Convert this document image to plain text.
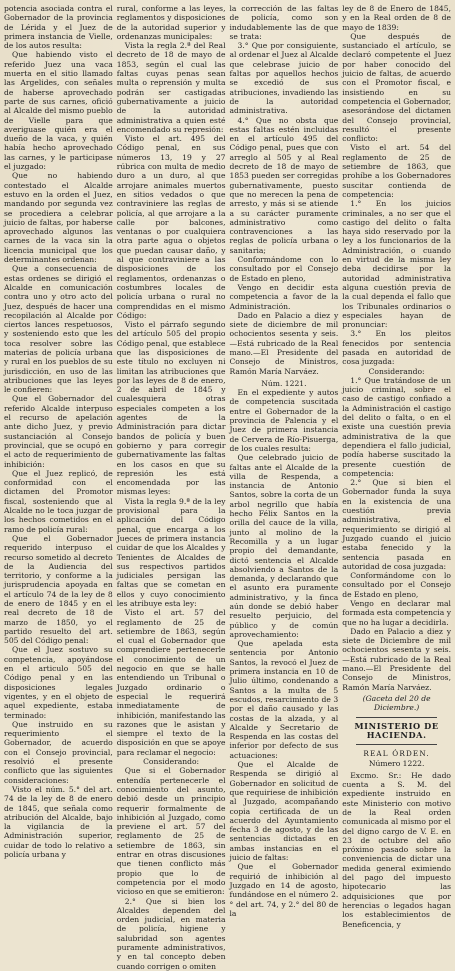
potencia asociada contra el Gobernador de la provincia de Lérida y el Juez de primera instancia de Vielle, de los autos resulta:

Que habiendo visto el referido Juez una vaca muerta en el sitio llamado las Argelides, con señales de haberse aprovechado parte de sus carnes, ofició al Alcalde del mismo pueblo de Vielle para que averiguase quién era el dueño de la vaca, y quién había hecho aprovechado las carnes, y le participase el juzgado:

Que no habiendo contestado el Alcalde estuvo en la orden el Juez, mandando por segunda vez se procediera a celebrar juicio de faltas, por haberse aprovechado algunos las carnes de la vaca sin la licencia municipal que los determinantes ordenan:

Que a consecuencia de estas ordenes se dirigió el Alcalde en comunicación contra uno y otro acto del Juez, después de hacer una recopilación al Alcalde por ciertos lances respetuosos, y sosteniendo esto que les toca resolver sobre las materias de policía urbana y rural en los pueblos de su jurisdicción, en uso de las atribuciones que las leyes le confieren:

Que el Gobernador del referido Alcalde interpuso el recurso de apelación ante dicho Juez, y previo sustanciación al Consejo provincial, que se ocupó en el acto de requerimiento de inhibición:

Que el Juez replicó, de conformidad con el dictamen del Promotor fiscal, sosteniendo que al Alcalde no le toca juzgar de los hechos cometidos en el ramo de policía rural:

Que el Gobernador requerido interpuso el recurso sometido al decreto de la Audiencia del territorio, y conforme a la jurisprudencia apoyada en el artículo 74 de la ley de 8 de enero de 1845 y en el real decreto de 18 de marzo de 1850, yo el partido resuelto del art. 505 del Código penal:

Que el Juez sostuvo su competencia, apoyándose en el articulo 505 del Código penal y en las disposiciones legales vigentes, y en el objeto de aquel expediente, estaba terminado:

Que instruido en su requerimiento el Gobernador, de acuerdo con el Consejo provincial, resolvió el presente conflicto que las siguientes consideraciones:

Visto el núm. 5.° del art. 74 de la ley de 8 de enero de 1845, que señala como atribución del Alcalde, bajo la vigilancia de la Administración superior, cuidar de todo lo relativo a policía urbana y

rural, conforme a las leyes, reglamentos y disposiciones de la autoridad superior y ordenanzas municipales:

Vista la regla 2.ª del Real decreto de 18 de mayo de 1853, según el cual las faltas cuyas penas sean multa o reprensión y multa podrán ser castigadas gubernativamente a juicio de la autoridad administrativa a quien esté encomendado su represión:

Visto el art. 495 del Código penal, en sus números 13, 19 y 27 rúbrica con multa de medio duro a un duro, al que arrojare animales muertos en sitios vedados o que contraviniere las reglas de policía, al que arrojare a la calle por balcones, ventanas o por cualquiera otra parte agua o objetos que puedan causar daño, y al que contraviniere a las disposiciones de los reglamentos, ordenanzas o costumbres locales de policía urbana o rural no comprendidas en el mismo Código:

Visto el párrafo segundo del artículo 505 del propio Código penal, que establece que las disposiciones de este título no excluyen ni limitan las atribuciones que por las leyes de 8 de enero, 2 de abril de 1845 y cualesquiera otras especiales competen a los agentes de la Administración para dictar bandos de policía y buen gobierno y para corregir gubernativamente las faltas en los casos en que su represión les está encomendada por las mismas leyes:

Vista la regla 9.ª de la ley provisional para la aplicación del Código penal, que encarga a los Jueces de primera instancia cuidar de que los Alcaldes y Tenientes de Alcaldes de sus respectivos partidos judiciales persigan las faltas que se cometan en ellos y cuyo conocimiento les atribuye esta ley:

Visto el art. 57 del reglamento de 25 de setiembre de 1863, según el cual el Gobernador que comprendiere pertenecerle el conocimiento de un negocio en que se halle entendiendo un Tribunal o Juzgado ordinario o especial le requerirá inmediatamente de inhibición, manifestando las razones que le asistan y siempre el texto de la disposición en que se apoye para reclamar el negocio:

Considerando:

Que si el Gobernador entendía pertenecerle el conocimiento del asunto, debió desde un principio requerir formalmente de inhibición al Juzgado, como previene el art. 57 del reglamento de 25 de setiembre de 1863, sin entrar en otras discusiones que tienen conflicto más propio que lo de competencia por el modo vicioso en que se emitieron:

2.° Que si bien los Alcaldes dependen del orden judicial, en materia de policía, higiene y salubridad son agentes puramente administrativos, y en tal concepto deben cuando corrigen o omiten

la corrección de las faltas de policía, como son indudablemente las de que se trata:

3.° Que por consiguiente, al ordenar el Juez al Alcalde que celebrase juicio de faltas por aquellos hechos se excedió de sus atribuciones, invadiendo las de la autoridad administrativa.

4.° Que no obsta que estas faltas estén incluidas en el artículo 495 del Código penal, pues que con arreglo al 505 y al Real decreto de 18 de mayo de 1853 pueden ser corregidas gubernativamente, puesto que no merecen la pena de arresto, y más si se atiende a su carácter puramente administrativo como contravenciones a las reglas de policía urbana o sanitaria;

Conformándome con lo consultado por el Consejo de Estado en pleno,

Vengo en decidir esta competencia a favor de la Administración.

Dado en Palacio a diez y siete de diciembre de mil ochocientos sesenta y seis.—Está rubricado de la Real mano.—El Presidente del Consejo de Ministros, Ramón María Narváez.

Núm. 1221.

En el expediente y autos de competencia suscitada entre el Gobernador de la provincia de Palencia y el Juez de primera instancia de Cervera de Río-Pisuerga, de los cuales resulta:

Que celebrado juicio de faltas ante el Alcalde de la villa de Respenda, a instancia de Antonio Santos, sobre la corta de un arbol negrillo que había hecho Félix Santos en la orilla del cauce de la villa, junto al molino de la Recomilla y a un lugar propio del demandante, dictó sentencia el Alcalde absolviendo a Santos de la demanda, y declarando que el asunto era puramente administrativo, y la finca aún donde se debió haber resuelto perjuicio, del público y de común aprovechamiento:

Que apelada esta sentencia por Antonio Santos, la revocó el Juez de primera instancia en 10 de Julio último, condenando a Santos a la multa de 5 escudos, resarcimiento de 3 por el daño causado y las costas de la alzada, y al Alcalde y Secretario de Respenda en las costas del inferior por defecto de sus actuaciones:

Que el Alcalde de Respenda se dirigió al Gobernador en solicitud de que requiriese de inhibición al Juzgado, acompañando copia certificada de un acuerdo del Ayuntamiento fecha 3 de agosto, y de las sentencias dictadas en ambas instancias en el juicio de faltas:

Que el Gobernador requirió de inhibición al Juzgado en 14 de agosto, fundándose en el número 2.° del art. 74, y 2.° del 80 de la

ley de 8 de Enero de 1845, y en la Real orden de 8 de mayo de 1839:

Que después de sustanciado el artículo, se declaró competente el Juez por haber conocido del juicio de faltas, de acuerdo con el Promotor fiscal, e insistiendo en su competencia el Gobernador, asesorándose del dictamen del Consejo provincial, resultó el presente conflicto:

Visto el art. 54 del reglamento de 25 de setiembre de 1863, que prohíbe a los Gobernadores suscitar contienda de competencia:

1.° En los juicios criminales, a no ser que el castigo del delito o falta haya sido reservado por la ley a los funcionarios de la Administración, o cuando en virtud de la misma ley deba decidirse por la autoridad administrativa alguna cuestión previa de la cual dependa el fallo que los Tribunales ordinarios o especiales hayan de pronunciar:

3.° En los pleitos fenecidos por sentencia pasada en autoridad de cosa juzgada:

Considerando:

1.° Que tratándose de un juicio criminal, sobre el caso de castigo confiado a la Administración el castigo del delito o falta, o en el existe una cuestión previa administrativa de la que dependiera el fallo judicial, podía haberse suscitado la presente cuestión de competencia:

2.° Que si bien el Gobernador funda la suya en la existencia de una cuestión previa administrativa, el requerimiento se dirigió al Juzgado cuando el juicio estaba fenecido y la sentencia pasada en autoridad de cosa juzgada:

Conformándome con lo consultado por el Consejo de Estado en pleno,

Vengo en declarar mal formada esta competencia y que no ha lugar a decidirla.

Dado en Palacio a diez y siete de Diciembre de mil ochocientos sesenta y seis.—Está rubricado de la Real mano.—El Presidente del Consejo de Ministros, Ramón María Narváez.

(Gaceta del 20 de Diciembre.)
MINISTERIO DE HACIENDA.
REAL ÓRDEN.
Número 1222.

Excmo. Sr.: He dado cuenta a S. M. del expediente instruido en este Ministerio con motivo de la Real orden comunicada al mismo por el del digno cargo de V. E. en 23 de octubre del año próximo pasado sobre la conveniencia de dictar una medida general eximiendo del pago del impuesto hipotecario las adquisiciones que por herencias o legados hagan los establecimientos de Beneficencia, y
